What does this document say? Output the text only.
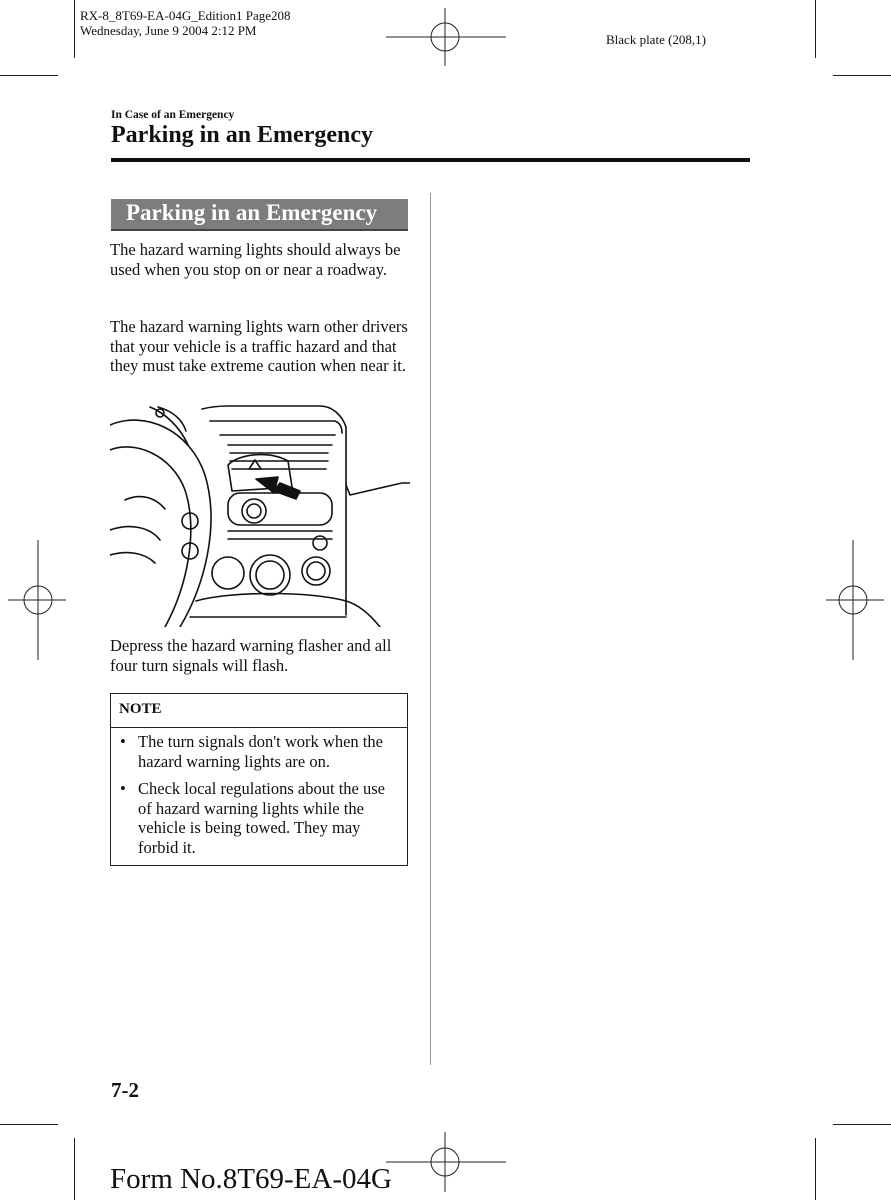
RX-8_8T69-EA-04G_Edition1 Page208
Wednesday, June 9 2004 2:12 PM
Black plate (208,1)
In Case of an Emergency
Parking in an Emergency
Parking in an Emergency

The hazard warning lights should always be used when you stop on or near a roadway.

The hazard warning lights warn other drivers that your vehicle is a traffic hazard and that they must take extreme caution when near it.

Depress the hazard warning flasher and all four turn signals will flash.

NOTE
• The turn signals don't work when the hazard warning lights are on.
• Check local regulations about the use of hazard warning lights while the vehicle is being towed. They may forbid it.
7-2
Form No.8T69-EA-04G
